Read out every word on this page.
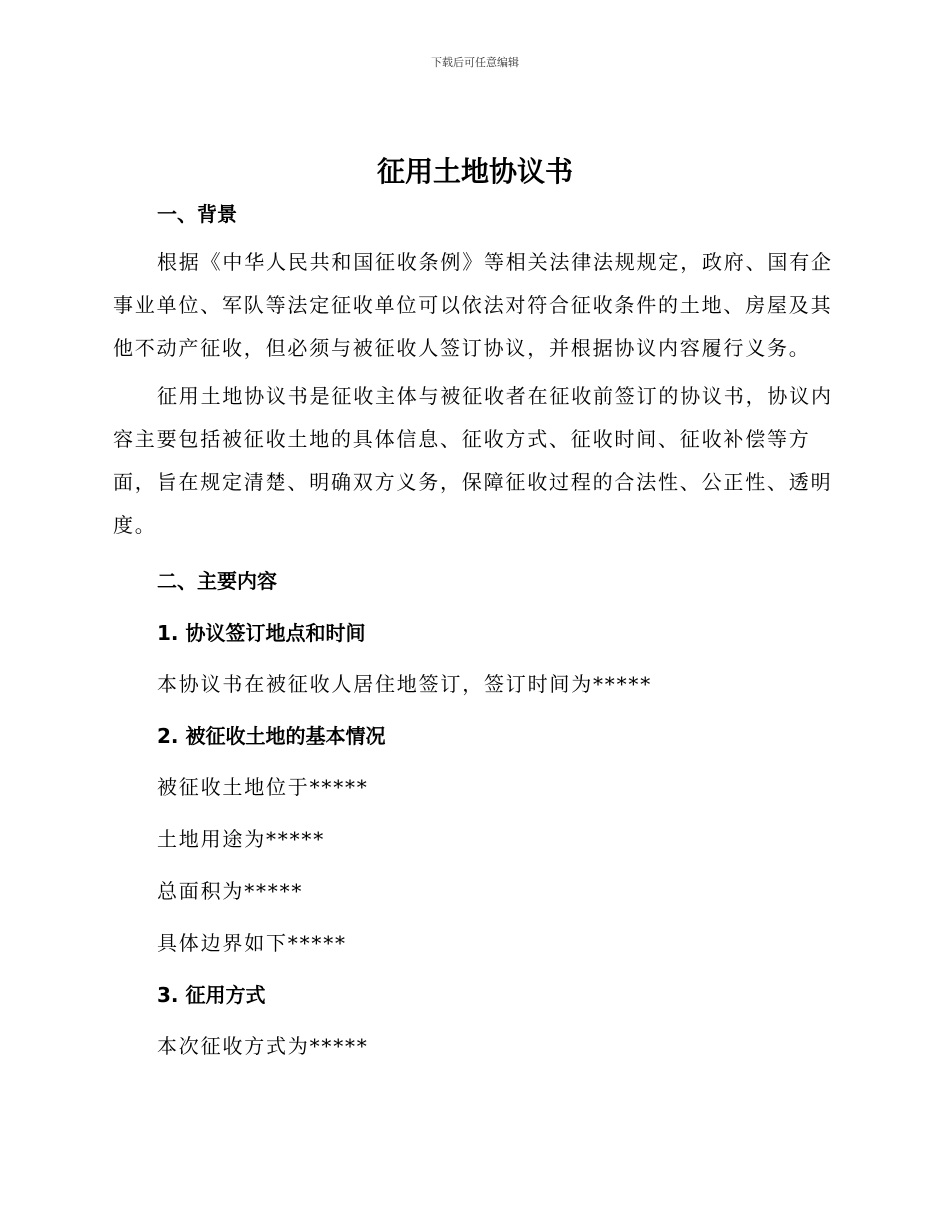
下载后可任意编辑
征用土地协议书
一、背景

根据《中华人民共和国征收条例》等相关法律法规规定，政府、国有企事业单位、军队等法定征收单位可以依法对符合征收条件的土地、房屋及其他不动产征收，但必须与被征收人签订协议，并根据协议内容履行义务。

征用土地协议书是征收主体与被征收者在征收前签订的协议书，协议内容主要包括被征收土地的具体信息、征收方式、征收时间、征收补偿等方面，旨在规定清楚、明确双方义务，保障征收过程的合法性、公正性、透明度。

二、主要内容
1. 协议签订地点和时间
本协议书在被征收人居住地签订，签订时间为*****
2. 被征收土地的基本情况
被征收土地位于*****
土地用途为*****
总面积为*****
具体边界如下*****
3. 征用方式
本次征收方式为*****
